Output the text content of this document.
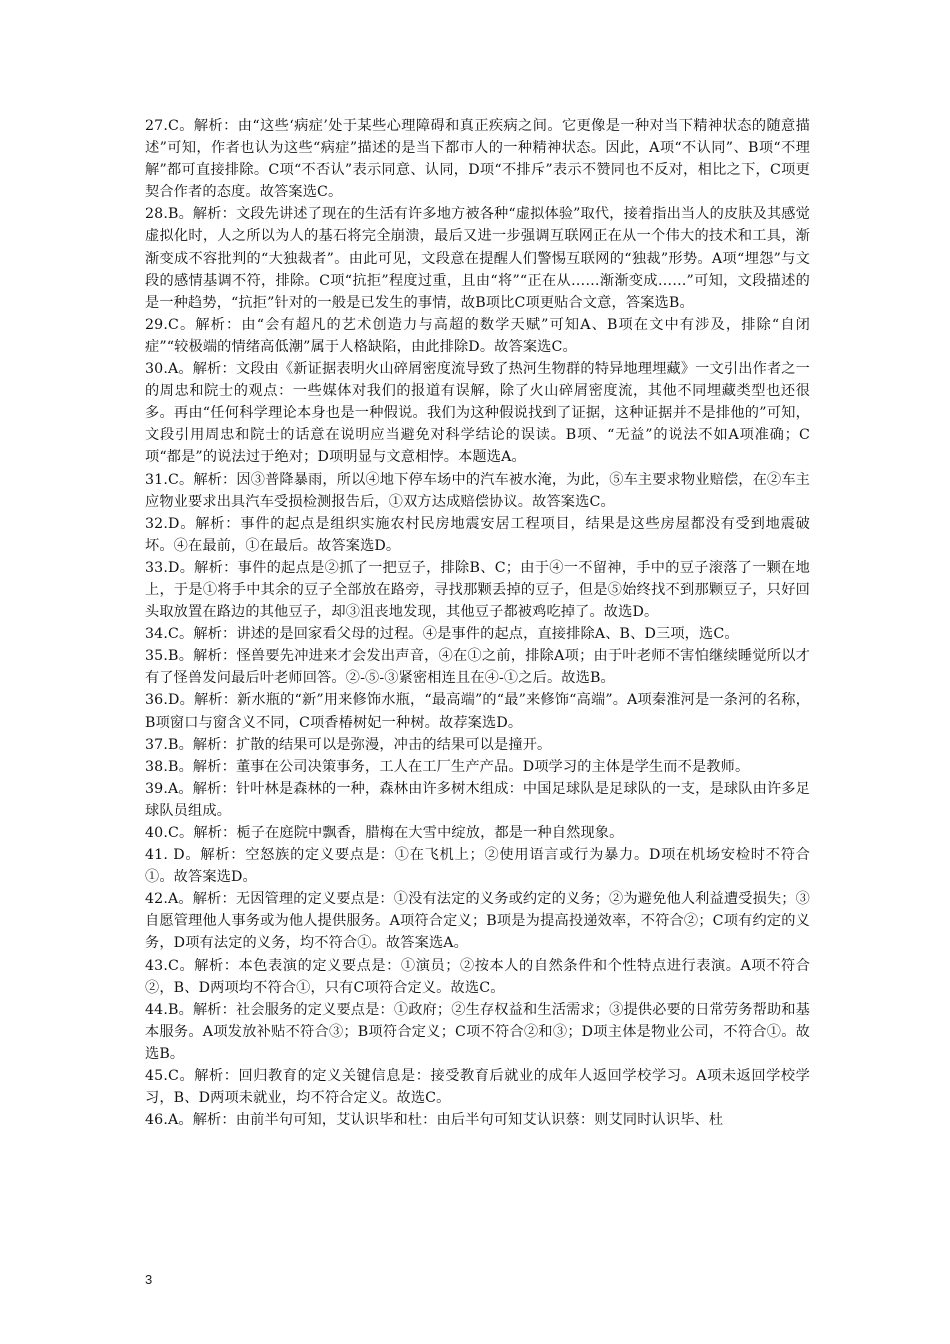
27.C。解析：由“这些‘病症’处于某些心理障碍和真正疾病之间。它更像是一种对当下精神状态的随意描述”可知，作者也认为这些“病症”描述的是当下都市人的一种精神状态。因此，A项“不认同”、B项“不理解”都可直接排除。C项“不否认”表示同意、认同，D项“不排斥”表示不赞同也不反对，相比之下，C项更契合作者的态度。故答案选C。

28.B。解析：文段先讲述了现在的生活有许多地方被各种“虚拟体验”取代，接着指出当人的皮肤及其感觉虚拟化时，人之所以为人的基石将完全崩溃，最后又进一步强调互联网正在从一个伟大的技术和工具，渐渐变成不容批判的“大独裁者”。由此可见，文段意在提醒人们警惕互联网的“独裁”形势。A项“埋怨”与文段的感情基调不符，排除。C项“抗拒”程度过重，且由“将”“正在从……渐渐变成……”可知，文段描述的是一种趋势，“抗拒”针对的一般是已发生的事情，故B项比C项更贴合文意，答案选B。

29.C。解析：由“会有超凡的艺术创造力与高超的数学天赋”可知A、B项在文中有涉及，排除“自闭症”“较极端的情绪高低潮”属于人格缺陷，由此排除D。故答案选C。

30.A。解析：文段由《新证据表明火山碎屑密度流导致了热河生物群的特异地理埋藏》一文引出作者之一的周忠和院士的观点：一些媒体对我们的报道有误解，除了火山碎屑密度流，其他不同埋藏类型也还很多。再由“任何科学理论本身也是一种假说。我们为这种假说找到了证据，这种证据并不是排他的”可知，文段引用周忠和院士的话意在说明应当避免对科学结论的误读。B项、“无益”的说法不如A项准确；C项“都是”的说法过于绝对；D项明显与文意相悖。本题选A。

31.C。解析：因③普降暴雨，所以④地下停车场中的汽车被水淹，为此，⑤车主要求物业赔偿，在②车主应物业要求出具汽车受损检测报告后，①双方达成赔偿协议。故答案选C。

32.D。解析：事件的起点是组织实施农村民房地震安居工程项目，结果是这些房屋都没有受到地震破坏。④在最前，①在最后。故答案选D。

33.D。解析：事件的起点是②抓了一把豆子，排除B、C；由于④一不留神，手中的豆子滚落了一颗在地上，于是①将手中其余的豆子全部放在路旁，寻找那颗丢掉的豆子，但是⑤始终找不到那颗豆子，只好回头取放置在路边的其他豆子，却③沮丧地发现，其他豆子都被鸡吃掉了。故选D。

34.C。解析：讲述的是回家看父母的过程。④是事件的起点，直接排除A、B、D三项，选C。

35.B。解析：怪兽要先冲进来才会发出声音，④在①之前，排除A项；由于叶老师不害怕继续睡觉所以才有了怪兽发问最后叶老师回答。②-⑤-③紧密相连且在④-①之后。故选B。

36.D。解析：新水瓶的“新”用来修饰水瓶，“最高端”的“最”来修饰“高端”。A项秦淮河是一条河的名称， B项窗口与窗含义不同，C项香椿树妃一种树。故荐案选D。

37.B。解析：扩散的结果可以是弥漫，冲击的结果可以是撞开。

38.B。解析：董事在公司决策事务，工人在工厂生产产品。D项学习的主体是学生而不是教师。

39.A。解析：针叶林是森林的一种，森林由许多树木组成：中国足球队是足球队的一支，是球队由许多足球队员组成。

40.C。解析：栀子在庭院中飘香，腊梅在大雪中绽放，都是一种自然现象。

41. D。解析：空怒族的定义要点是：①在飞机上；②使用语言或行为暴力。D项在机场安检时不符合①。故答案选D。

42.A。解析：无因管理的定义要点是：①没有法定的义务或约定的义务；②为避免他人利益遭受损失；③自愿管理他人事务或为他人提供服务。A项符合定义；B项是为提高投递效率，不符合②；C项有约定的义务，D项有法定的义务，均不符合①。故答案选A。

43.C。解析：本色表演的定义要点是：①演员；②按本人的自然条件和个性特点进行表演。A项不符合②，B、D两项均不符合①，只有C项符合定义。故选C。

44.B。解析：社会服务的定义要点是：①政府；②生存权益和生活需求；③提供必要的日常劳务帮助和基本服务。A项发放补贴不符合③；B项符合定义；C项不符合②和③；D项主体是物业公司，不符合①。故选B。

45.C。解析：回归教育的定义关键信息是：接受教育后就业的成年人返回学校学习。A项未返回学校学习，B、D两项未就业，均不符合定义。故选C。

46.A。解析：由前半句可知，艾认识毕和杜：由后半句可知艾认识蔡：则艾同时认识毕、杜

3
